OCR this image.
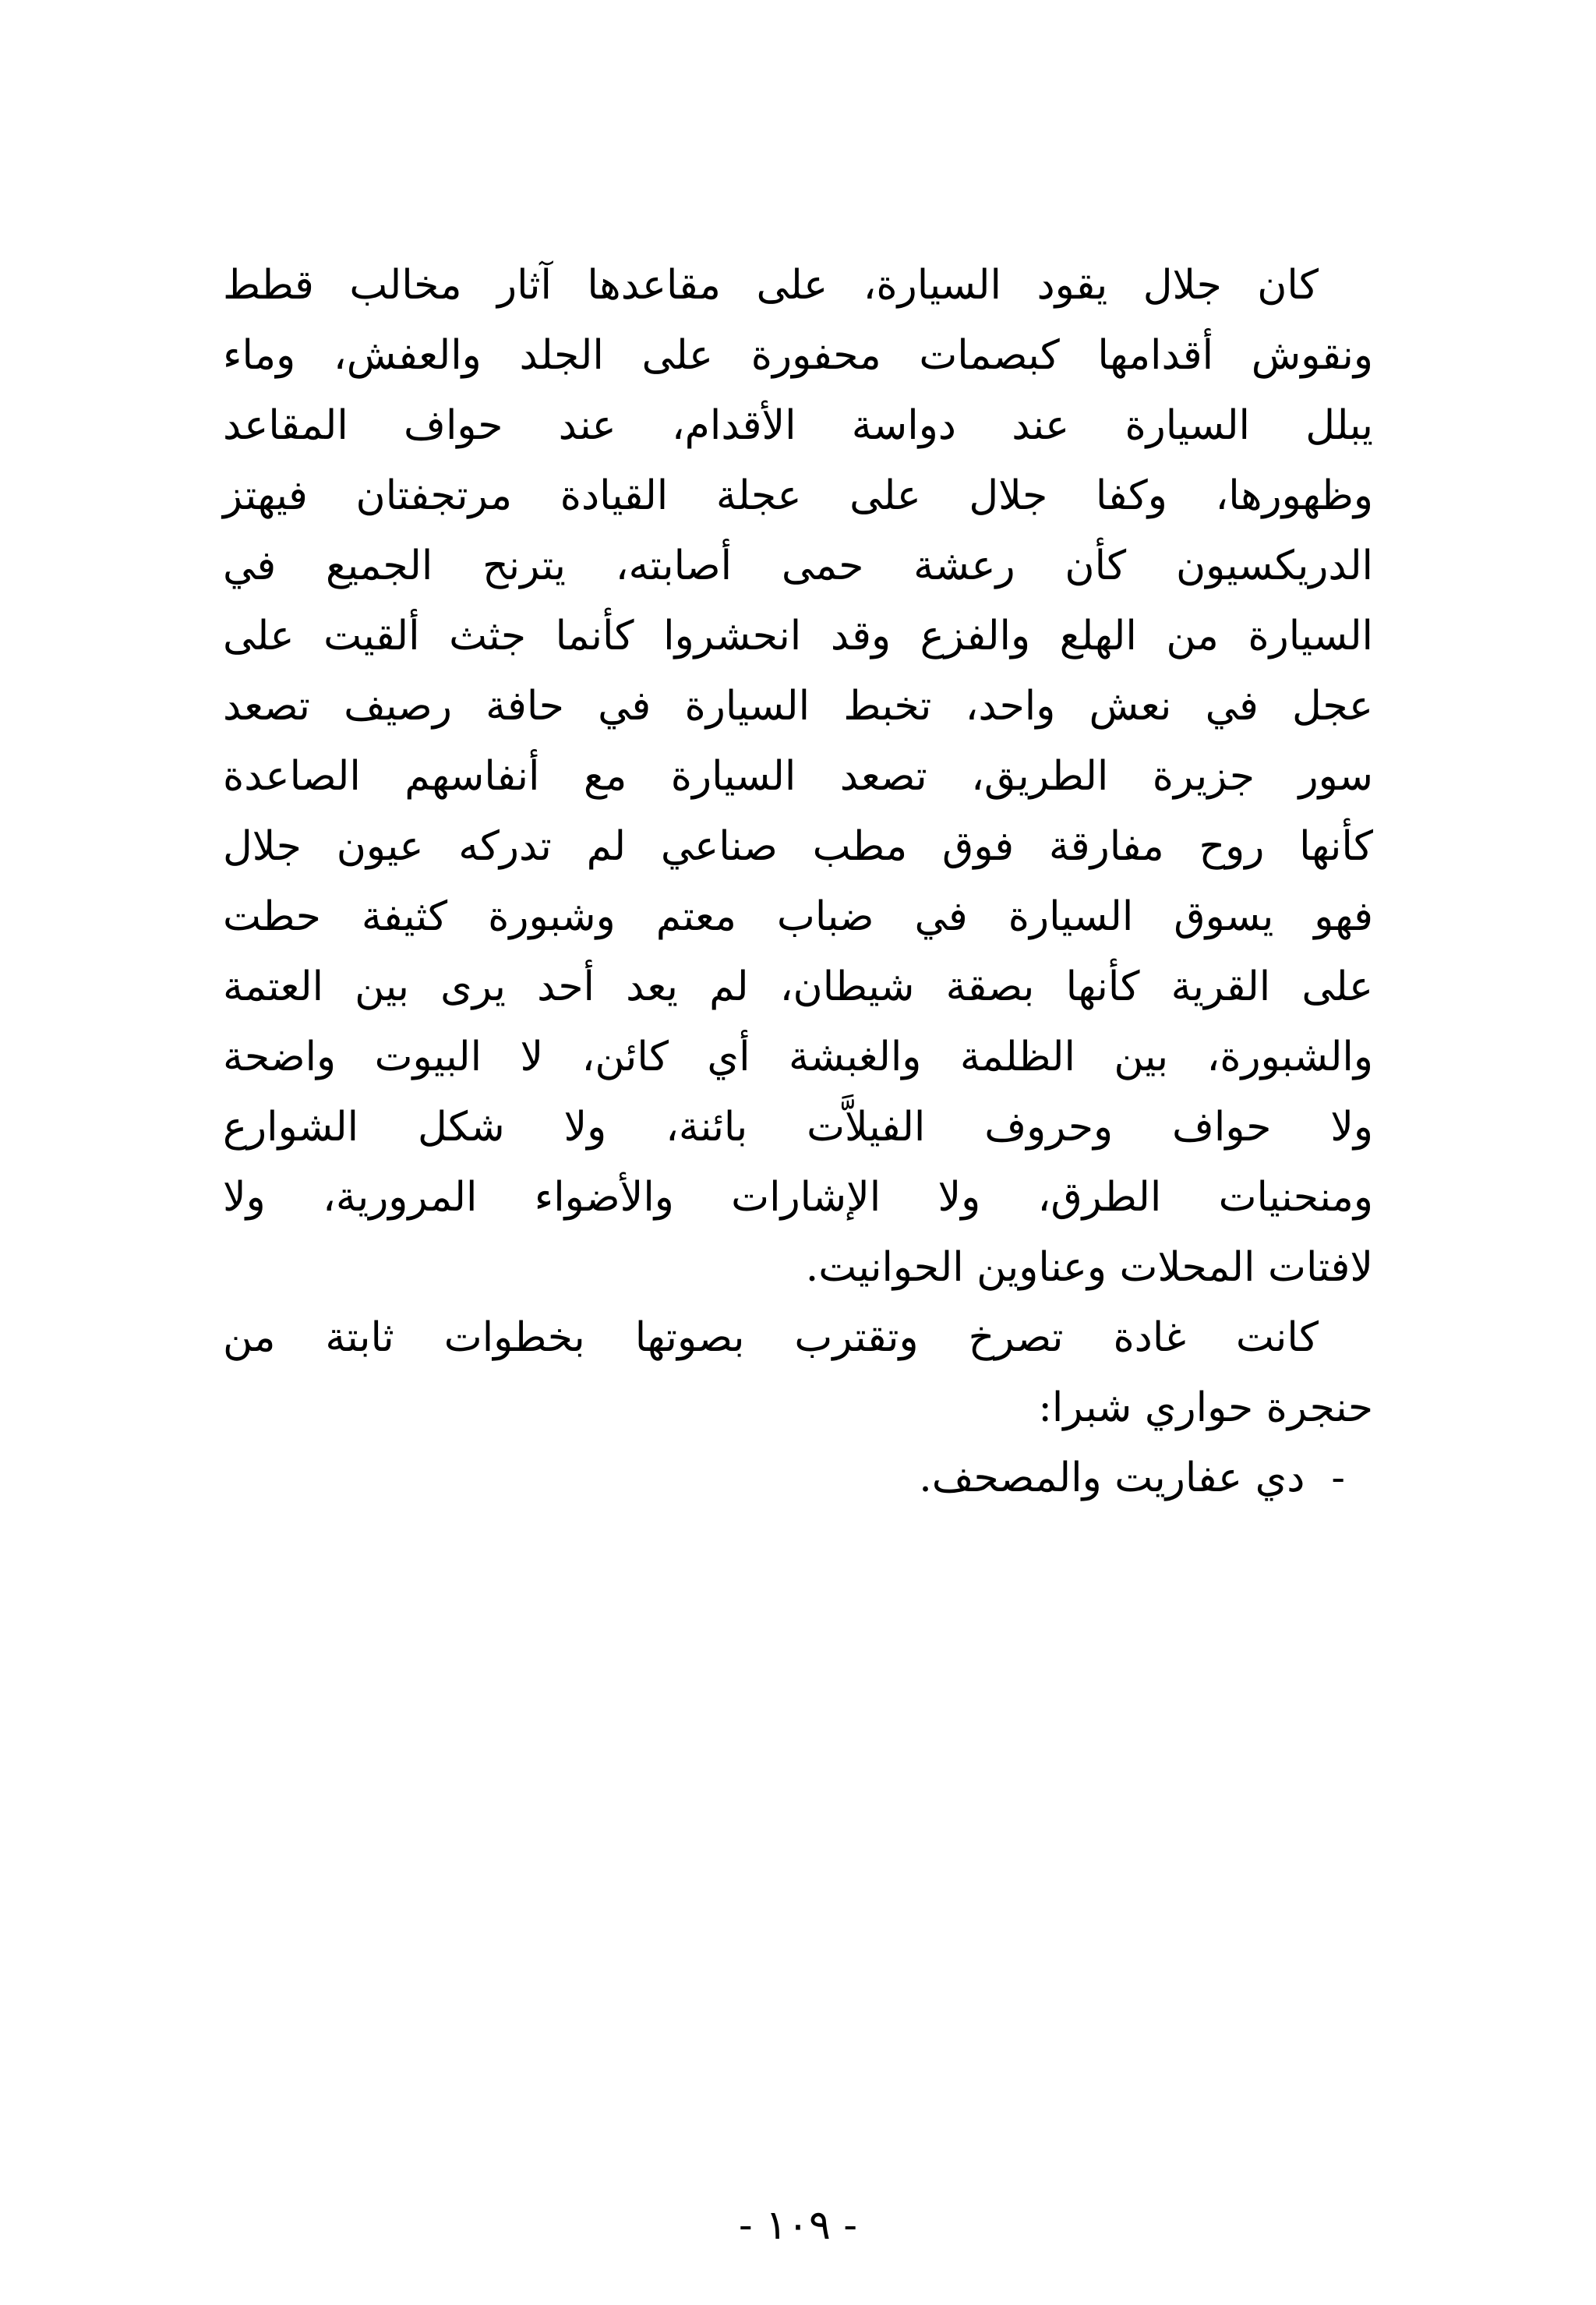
كان جلال يقود السيارة، على مقاعدها آثار مخالب قطط
ونقوش أقدامها كبصمات محفورة على الجلد والعفش، وماء
يبلل السيارة عند دواسة الأقدام، عند حواف المقاعد
وظهورها، وكفا جلال على عجلة القيادة مرتجفتان فيهتز
الدريكسيون كأن رعشة حمى أصابته، يترنح الجميع في
السيارة من الهلع والفزع وقد انحشروا كأنما جثث ألقيت على
عجل في نعش واحد، تخبط السيارة في حافة رصيف تصعد
سور جزيرة الطريق، تصعد السيارة مع أنفاسهم الصاعدة
كأنها روح مفارقة فوق مطب صناعي لم تدركه عيون جلال
فهو يسوق السيارة في ضباب معتم وشبورة كثيفة حطت
على القرية كأنها بصقة شيطان، لم يعد أحد يرى بين العتمة
والشبورة، بين الظلمة والغبشة أي كائن، لا البيوت واضحة
ولا حواف وحروف الفيلاَّت بائنة، ولا شكل الشوارع
ومنحنيات الطرق، ولا الإشارات والأضواء المرورية، ولا
لافتات المحلات وعناوين الحوانيت.
كانت غادة تصرخ وتقترب بصوتها بخطوات ثابتة من
حنجرة حواري شبرا:
-دي عفاريت والمصحف.
- ١٠٩ -
